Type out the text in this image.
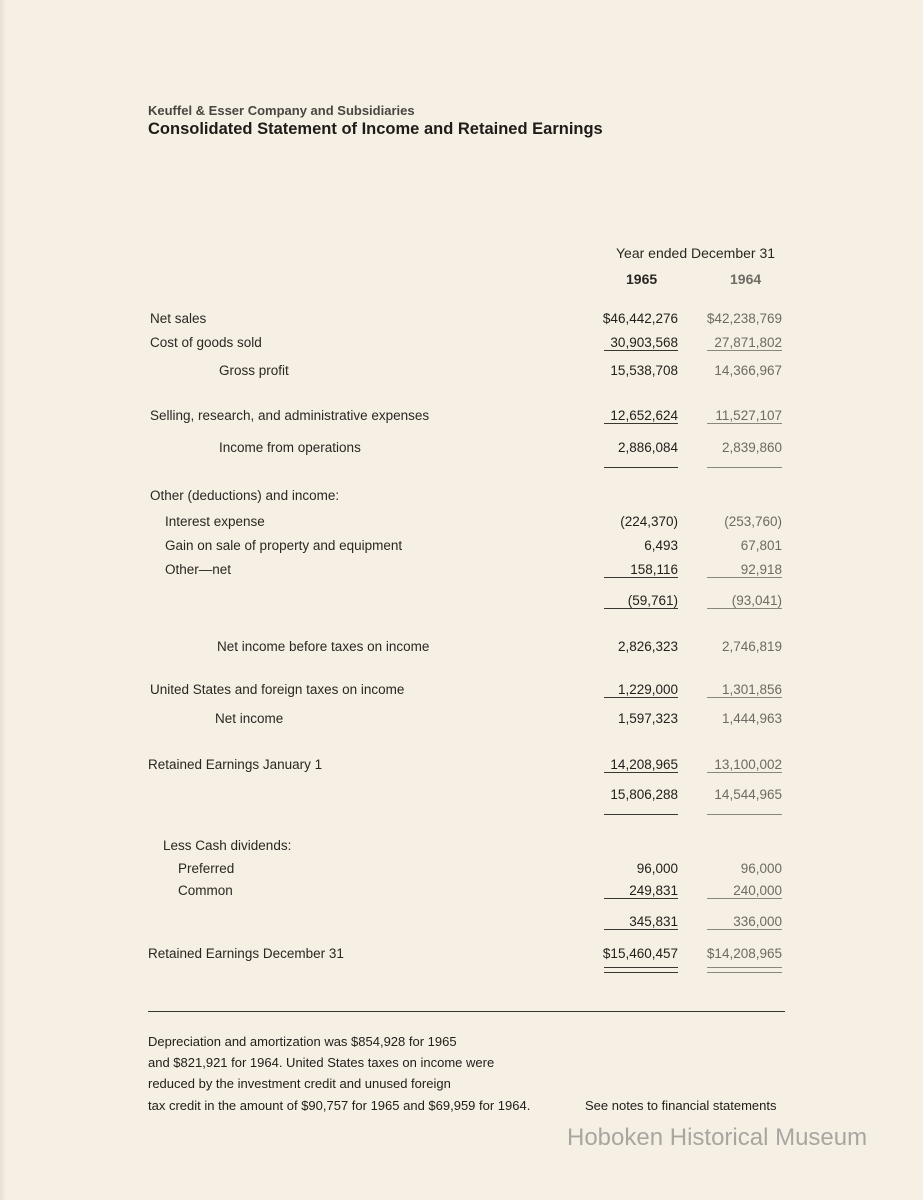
Keuffel & Esser Company and Subsidiaries
Consolidated Statement of Income and Retained Earnings
Year ended December 31
1965	1964
Net sales	$46,442,276	$42,238,769
Cost of goods sold	30,903,568	27,871,802
Gross profit	15,538,708	14,366,967
Selling, research, and administrative expenses	12,652,624	11,527,107
Income from operations	2,886,084	2,839,860
Other (deductions) and income:
Interest expense	(224,370)	(253,760)
Gain on sale of property and equipment	6,493	67,801
Other—net	158,116	92,918
(59,761)	(93,041)
Net income before taxes on income	2,826,323	2,746,819
United States and foreign taxes on income	1,229,000	1,301,856
Net income	1,597,323	1,444,963
Retained Earnings January 1	14,208,965	13,100,002
15,806,288	14,544,965
Less Cash dividends:
Preferred	96,000	96,000
Common	249,831	240,000
345,831	336,000
Retained Earnings December 31	$15,460,457	$14,208,965
Depreciation and amortization was $854,928 for 1965
and $821,921 for 1964. United States taxes on income were
reduced by the investment credit and unused foreign
tax credit in the amount of $90,757 for 1965 and $69,959 for 1964.	See notes to financial statements
Hoboken Historical Museum
